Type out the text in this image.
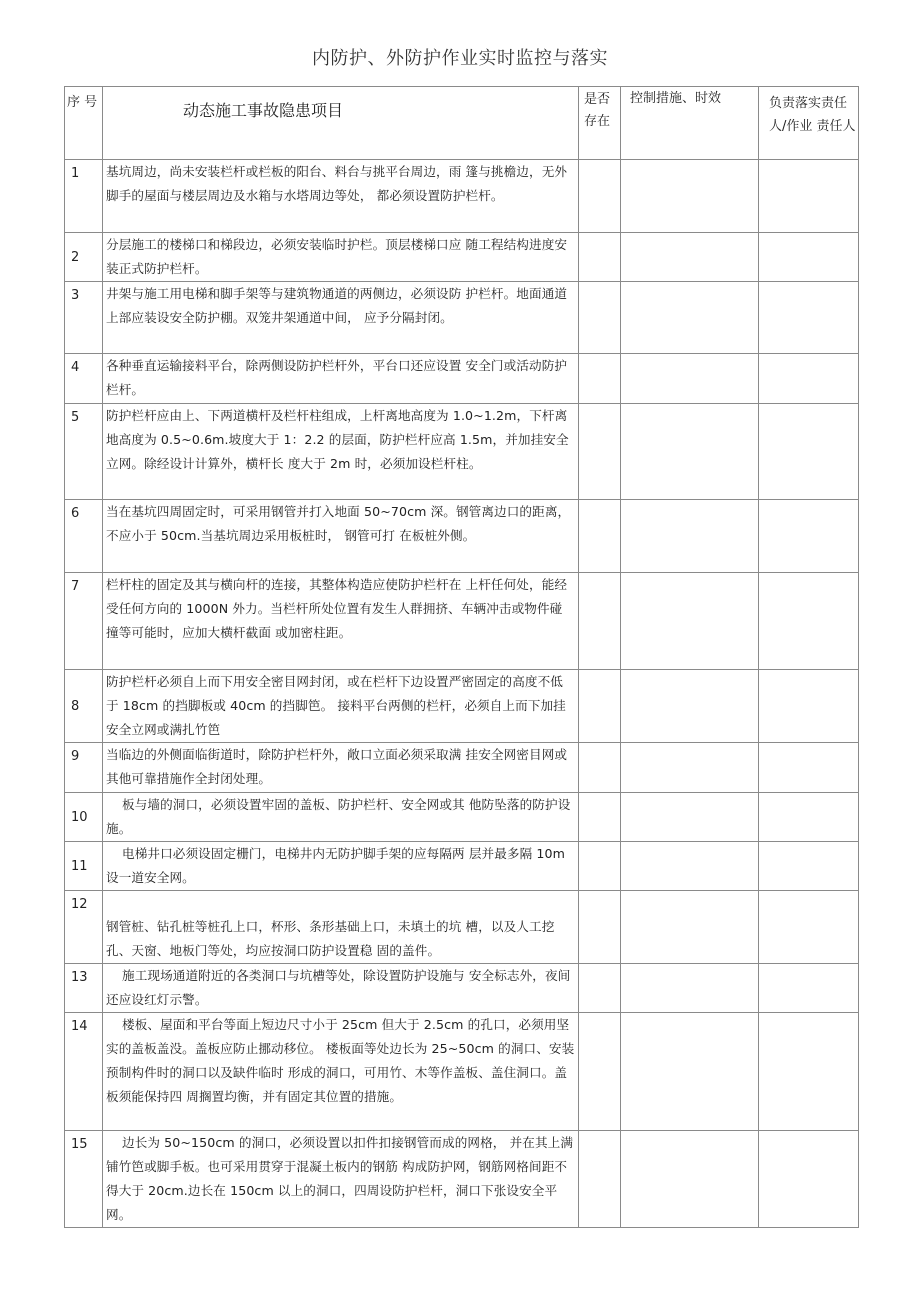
内防护、外防护作业实时监控与落实
序 号	动态施工事故隐患项目	是否存在	控制措施、时效	负责落实责任人/作业 责任人
1	基坑周边，尚未安装栏杆或栏板的阳台、料台与挑平台周边，雨 篷与挑檐边，无外脚手的屋面与楼层周边及水箱与水塔周边等处， 都必须设置防护栏杆。			
2	分层施工的楼梯口和梯段边，必须安装临时护栏。顶层楼梯口应 随工程结构进度安装正式防护栏杆。			
3	井架与施工用电梯和脚手架等与建筑物通道的两侧边，必须设防 护栏杆。地面通道上部应装设安全防护棚。双笼井架通道中间， 应予分隔封闭。			
4	各种垂直运输接料平台，除两侧设防护栏杆外，平台口还应设置 安全门或活动防护栏杆。			
5	防护栏杆应由上、下两道横杆及栏杆柱组成，上杆离地高度为 1.0~1.2m，下杆离地高度为 0.5~0.6m.坡度大于 1：2.2 的层面，防护栏杆应高 1.5m，并加挂安全立网。除经设计计算外，横杆长 度大于 2m 时，必须加设栏杆柱。			
6	当在基坑四周固定时，可采用钢管并打入地面 50~70cm 深。钢管离边口的距离，不应小于 50cm.当基坑周边采用板桩时， 钢管可打 在板桩外侧。			
7	栏杆柱的固定及其与横向杆的连接，其整体构造应使防护栏杆在 上杆任何处，能经受任何方向的 1000N 外力。当栏杆所处位置有发生人群拥挤、车辆冲击或物件碰撞等可能时，应加大横杆截面 或加密柱距。			
8	防护栏杆必须自上而下用安全密目网封闭，或在栏杆下边设置严密固定的高度不低于 18cm 的挡脚板或 40cm 的挡脚笆。 接料平台两侧的栏杆，必须自上而下加挂安全立网或满扎竹笆			
9	当临边的外侧面临街道时，除防护栏杆外，敞口立面必须采取满 挂安全网密目网或其他可靠措施作全封闭处理。			
10	板与墙的洞口，必须设置牢固的盖板、防护栏杆、安全网或其 他防坠落的防护设施。			
11	电梯井口必须设固定栅门，电梯井内无防护脚手架的应每隔两 层并最多隔 10m 设一道安全网。			
12	钢管桩、钻孔桩等桩孔上口，杯形、条形基础上口，未填土的坑 槽，以及人工挖孔、天窗、地板门等处，均应按洞口防护设置稳 固的盖件。			
13	施工现场通道附近的各类洞口与坑槽等处，除设置防护设施与 安全标志外，夜间还应设红灯示警。			
14	楼板、屋面和平台等面上短边尺寸小于 25cm 但大于 2.5cm 的孔口，必须用坚实的盖板盖没。盖板应防止挪动移位。 楼板面等处边长为 25~50cm 的洞口、安装预制构件时的洞口以及缺件临时 形成的洞口，可用竹、木等作盖板、盖住洞口。盖板须能保持四 周搁置均衡，并有固定其位置的措施。			
15	边长为 50~150cm 的洞口，必须设置以扣件扣接钢管而成的网格， 并在其上满铺竹笆或脚手板。也可采用贯穿于混凝土板内的钢筋 构成防护网，钢筋网格间距不得大于 20cm.边长在 150cm 以上的洞口，四周设防护栏杆，洞口下张设安全平网。			
